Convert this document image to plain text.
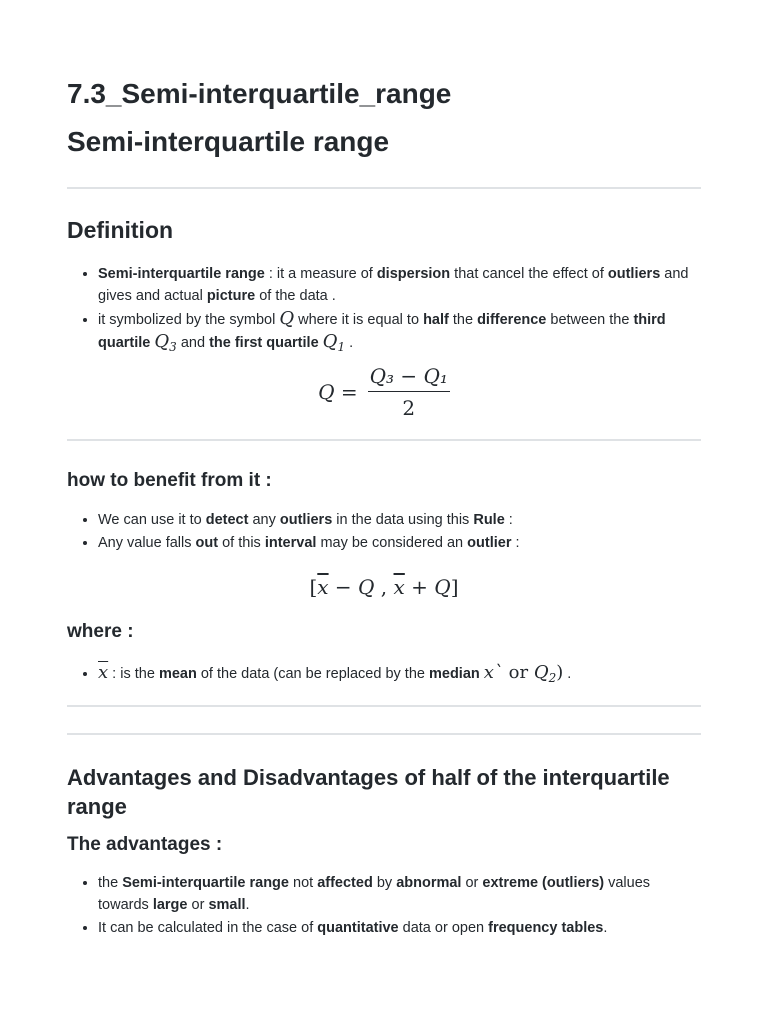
7.3_Semi-interquartile_range
Semi-interquartile range
Definition
• Semi-interquartile range : it a measure of dispersion that cancel the effect of outliers and gives and actual picture of the data .
• it symbolized by the symbol Q where it is equal to half the difference between the third quartile $Q_3$ and the first quartile $Q_1$ .
$Q = \frac{\text{Q₃ − Q₁}}{2}$
how to benefit from it :
• We can use it to detect any outliers in the data using this Rule :
• Any value falls out of this interval may be considered an outlier :
[ $\overline{x} - Q$ , $\overline{x} + Q$ ]
where :
• $\overline{x}$ : is the mean of the data (can be replaced by the median x` or $Q_2$) .
Advantages and Disadvantages of half of the interquartile range
The advantages :
• the Semi-interquartile range not affected by abnormal or extreme (outliers) values towards large or small.
• It can be calculated in the case of quantitative data or open frequency tables.
